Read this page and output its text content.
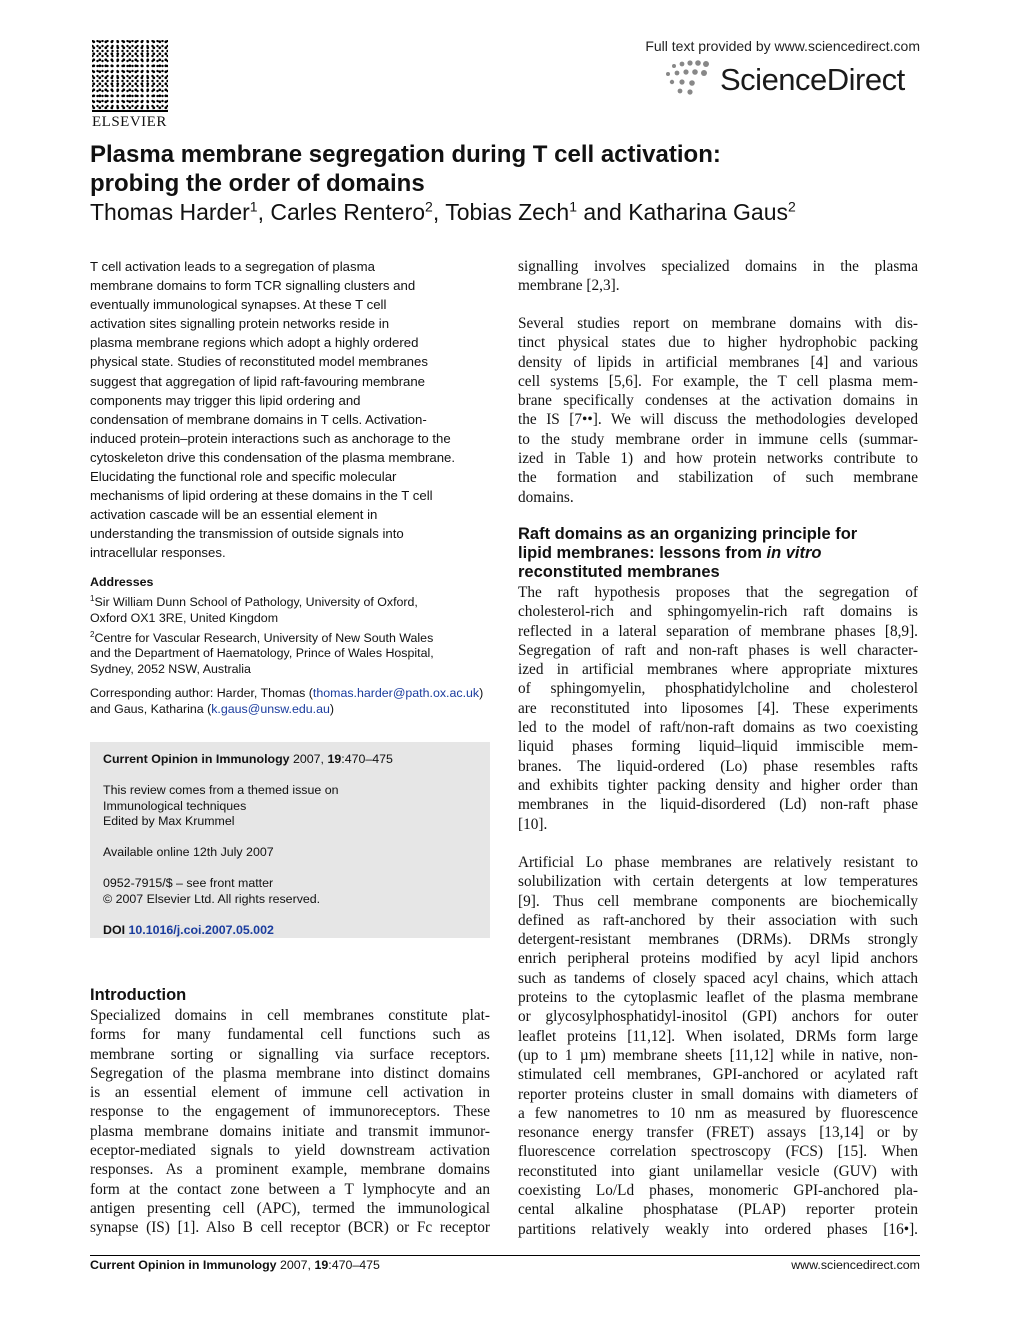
ELSEVIER
Full text provided by www.sciencedirect.com
ScienceDirect
Plasma membrane segregation during T cell activation:
probing the order of domains
Thomas Harder$^1$, Carles Rentero$^2$, Tobias Zech$^1$ and Katharina Gaus$^2$
T cell activation leads to a segregation of plasma
membrane domains to form TCR signalling clusters and
eventually immunological synapses. At these T cell
activation sites signalling protein networks reside in
plasma membrane regions which adopt a highly ordered
physical state. Studies of reconstituted model membranes
suggest that aggregation of lipid raft-favouring membrane
components may trigger this lipid ordering and
condensation of membrane domains in T cells. Activation-
induced protein–protein interactions such as anchorage to the
cytoskeleton drive this condensation of the plasma membrane.
Elucidating the functional role and specific molecular
mechanisms of lipid ordering at these domains in the T cell
activation cascade will be an essential element in
understanding the transmission of outside signals into
intracellular responses.
Addresses
$^1$Sir William Dunn School of Pathology, University of Oxford,
Oxford OX1 3RE, United Kingdom
$^2$Centre for Vascular Research, University of New South Wales
and the Department of Haematology, Prince of Wales Hospital,
Sydney, 2052 NSW, Australia
Corresponding author: Harder, Thomas (thomas.harder@path.ox.ac.uk)
and Gaus, Katharina (k.gaus@unsw.edu.au)
Current Opinion in Immunology 2007, 19:470–475
This review comes from a themed issue on
Immunological techniques
Edited by Max Krummel
Available online 12th July 2007
0952-7915/$ – see front matter
© 2007 Elsevier Ltd. All rights reserved.
DOI 10.1016/j.coi.2007.05.002
Introduction
Specialized domains in cell membranes constitute plat-
forms for many fundamental cell functions such as
membrane sorting or signalling via surface receptors.
Segregation of the plasma membrane into distinct domains
is an essential element of immune cell activation in
response to the engagement of immunoreceptors. These
plasma membrane domains initiate and transmit immunor-
eceptor-mediated signals to yield downstream activation
responses. As a prominent example, membrane domains
form at the contact zone between a T lymphocyte and an
antigen presenting cell (APC), termed the immunological
synapse (IS) [1]. Also B cell receptor (BCR) or Fc receptor
signalling involves specialized domains in the plasma
membrane [2,3].
Several studies report on membrane domains with dis-
tinct physical states due to higher hydrophobic packing
density of lipids in artificial membranes [4] and various
cell systems [5,6]. For example, the T cell plasma mem-
brane specifically condenses at the activation domains in
the IS [7••]. We will discuss the methodologies developed
to the study membrane order in immune cells (summar-
ized in Table 1) and how protein networks contribute to
the formation and stabilization of such membrane
domains.
Raft domains as an organizing principle for
lipid membranes: lessons from in vitro
reconstituted membranes
The raft hypothesis proposes that the segregation of
cholesterol-rich and sphingomyelin-rich raft domains is
reflected in a lateral separation of membrane phases [8,9].
Segregation of raft and non-raft phases is well character-
ized in artificial membranes where appropriate mixtures
of sphingomyelin, phosphatidylcholine and cholesterol
are reconstituted into liposomes [4]. These experiments
led to the model of raft/non-raft domains as two coexisting
liquid phases forming liquid–liquid immiscible mem-
branes. The liquid-ordered (Lo) phase resembles rafts
and exhibits tighter packing density and higher order than
membranes in the liquid-disordered (Ld) non-raft phase
[10].
Artificial Lo phase membranes are relatively resistant to
solubilization with certain detergents at low temperatures
[9]. Thus cell membrane components are biochemically
defined as raft-anchored by their association with such
detergent-resistant membranes (DRMs). DRMs strongly
enrich peripheral proteins modified by acyl lipid anchors
such as tandems of closely spaced acyl chains, which attach
proteins to the cytoplasmic leaflet of the plasma membrane
or glycosylphosphatidyl-inositol (GPI) anchors for outer
leaflet proteins [11,12]. When isolated, DRMs form large
(up to 1 µm) membrane sheets [11,12] while in native, non-
stimulated cell membranes, GPI-anchored or acylated raft
reporter proteins cluster in small domains with diameters of
a few nanometres to 10 nm as measured by fluorescence
resonance energy transfer (FRET) assays [13,14] or by
fluorescence correlation spectroscopy (FCS) [15]. When
reconstituted into giant unilamellar vesicle (GUV) with
coexisting Lo/Ld phases, monomeric GPI-anchored pla-
cental alkaline phosphatase (PLAP) reporter protein
partitions relatively weakly into ordered phases [16•].
Current Opinion in Immunology 2007, 19:470–475	www.sciencedirect.com
